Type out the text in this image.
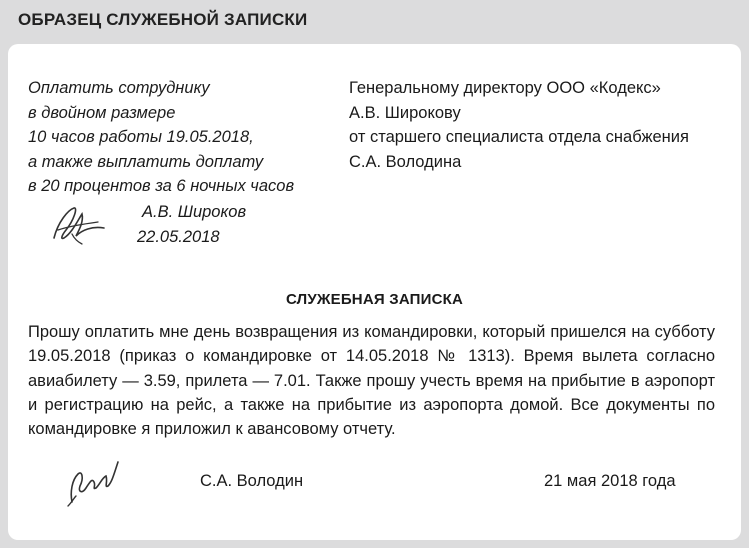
ОБРАЗЕЦ СЛУЖЕБНОЙ ЗАПИСКИ
Оплатить сотруднику
в двойном размере
10 часов работы 19.05.2018,
а также выплатить доплату
в 20 процентов за 6 ночных часов
А.В. Широков
22.05.2018
Генеральному директору ООО «Кодекс»
А.В. Широкову
от старшего специалиста отдела снабжения
С.А. Володина
СЛУЖЕБНАЯ ЗАПИСКА
Прошу оплатить мне день возвращения из командировки, который пришелся на субботу 19.05.2018 (приказ о командировке от 14.05.2018 № 1313). Время вылета согласно авиабилету — 3.59, прилета — 7.01. Также прошу учесть время на прибытие в аэропорт и регистрацию на рейс, а также на прибытие из аэропорта домой. Все документы по командировке я приложил к авансовому отчету.
С.А. Володин	21 мая 2018 года
